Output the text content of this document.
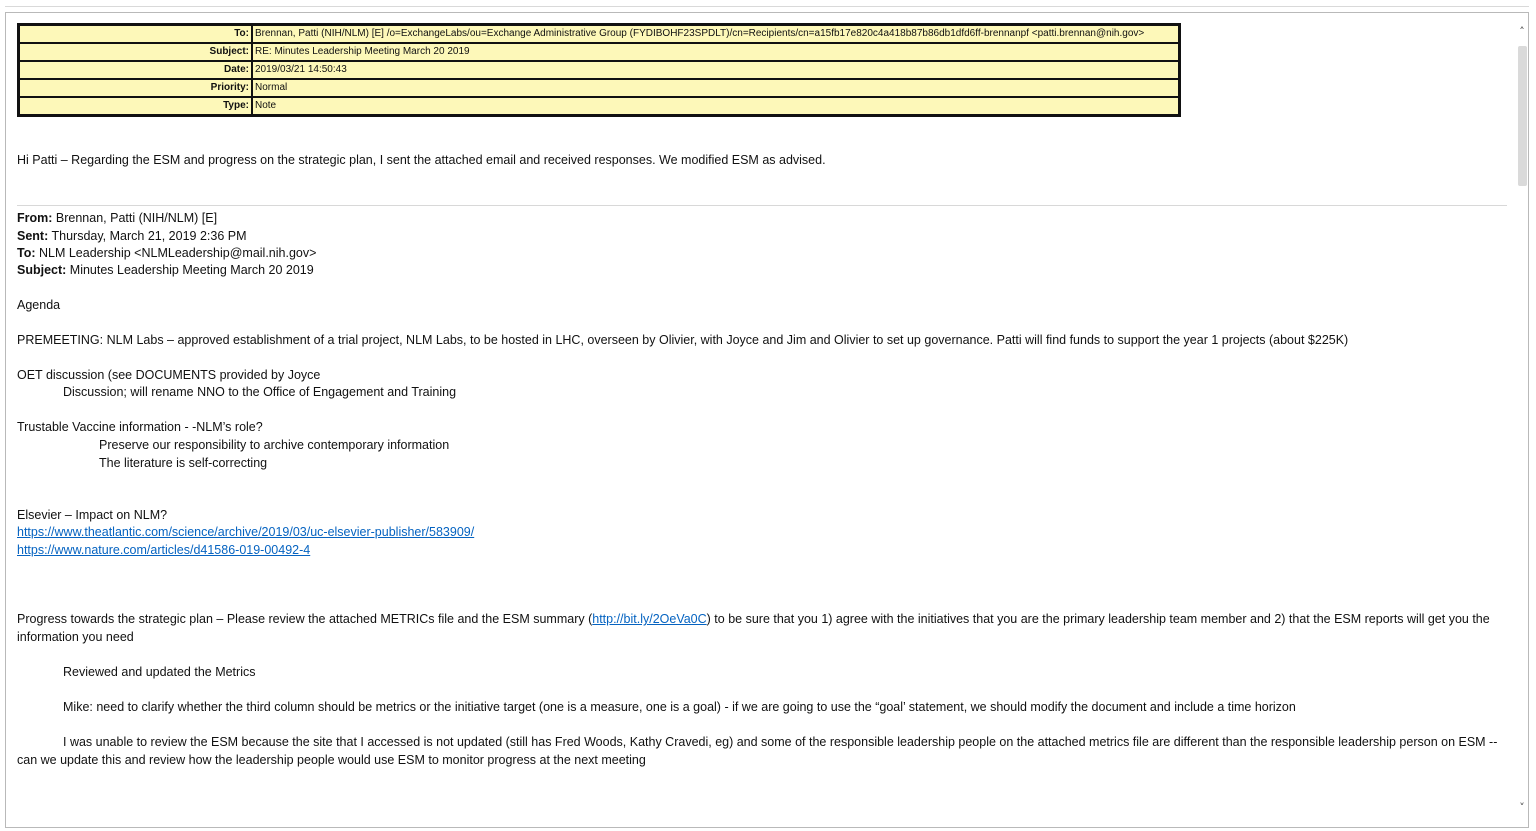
To:	Brennan, Patti (NIH/NLM) [E] /o=ExchangeLabs/ou=Exchange Administrative Group (FYDIBOHF23SPDLT)/cn=Recipients/cn=a15fb17e820c4a418b87b86db1dfd6ff-brennanpf <patti.brennan@nih.gov>
Subject:	RE: Minutes Leadership Meeting March 20 2019
Date:	2019/03/21 14:50:43
Priority:	Normal
Type:	Note
Hi Patti – Regarding the ESM and progress on the strategic plan, I sent the attached email and received responses. We modified ESM as advised.
From: Brennan, Patti (NIH/NLM) [E]
Sent: Thursday, March 21, 2019 2:36 PM
To: NLM Leadership <NLMLeadership@mail.nih.gov>
Subject: Minutes Leadership Meeting March 20 2019
Agenda
PREMEETING: NLM Labs – approved establishment of a trial project, NLM Labs, to be hosted in LHC, overseen by Olivier, with Joyce and Jim and Olivier to set up governance. Patti will find funds to support the year 1 projects (about $225K)
OET discussion (see DOCUMENTS provided by Joyce
Discussion; will rename NNO to the Office of Engagement and Training
Trustable Vaccine information - -NLM’s role?
Preserve our responsibility to archive contemporary information
The literature is self-correcting
Elsevier – Impact on NLM?
https://www.theatlantic.com/science/archive/2019/03/uc-elsevier-publisher/583909/
https://www.nature.com/articles/d41586-019-00492-4
Progress towards the strategic plan – Please review the attached METRICs file and the ESM summary (http://bit.ly/2OeVa0C) to be sure that you 1) agree with the initiatives that you are the primary leadership team member and 2) that the ESM reports will get you the information you need
Reviewed and updated the Metrics
Mike: need to clarify whether the third column should be metrics or the initiative target (one is a measure, one is a goal) - if we are going to use the “goal’ statement, we should modify the document and include a time horizon
I was unable to review the ESM because the site that I accessed is not updated (still has Fred Woods, Kathy Cravedi, eg) and some of the responsible leadership people on the attached metrics file are different than the responsible leadership person on ESM -- can we update this and review how the leadership people would use ESM to monitor progress at the next meeting
˄
˅
